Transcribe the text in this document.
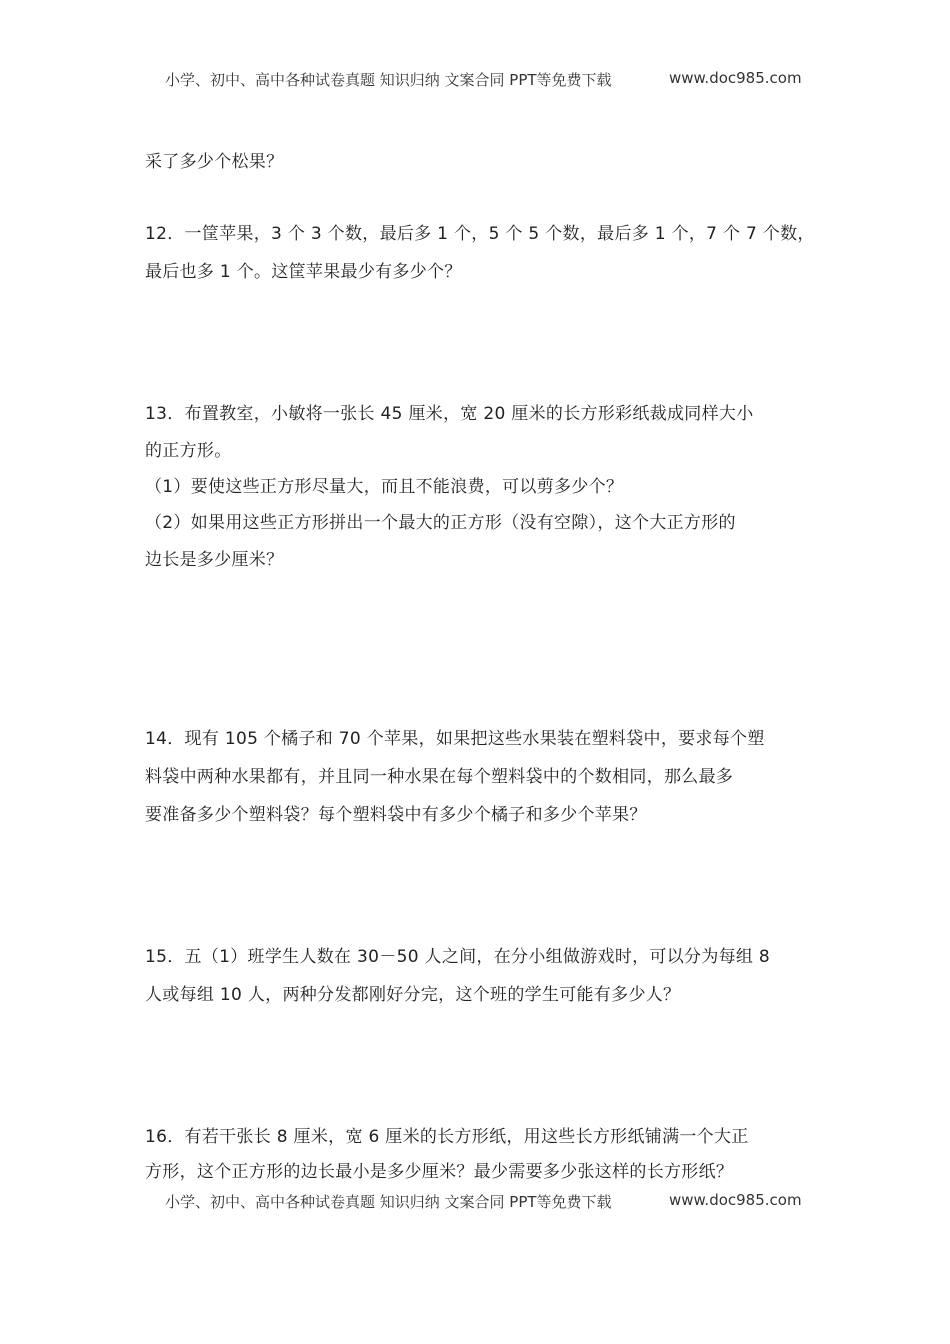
小学、初中、高中各种试卷真题 知识归纳 文案合同 PPT等免费下载	www.doc985.com
采了多少个松果？
12．一筐苹果，3 个 3 个数，最后多 1 个，5 个 5 个数，最后多 1 个，7 个 7 个数，
最后也多 1 个。这筐苹果最少有多少个？
13．布置教室，小敏将一张长 45 厘米，宽 20 厘米的长方形彩纸裁成同样大小
的正方形。
（1）要使这些正方形尽量大，而且不能浪费，可以剪多少个？
（2）如果用这些正方形拼出一个最大的正方形（没有空隙），这个大正方形的
边长是多少厘米？
14．现有 105 个橘子和 70 个苹果，如果把这些水果装在塑料袋中，要求每个塑
料袋中两种水果都有，并且同一种水果在每个塑料袋中的个数相同，那么最多
要准备多少个塑料袋？每个塑料袋中有多少个橘子和多少个苹果？
15．五（1）班学生人数在 30－50 人之间，在分小组做游戏时，可以分为每组 8
人或每组 10 人，两种分发都刚好分完，这个班的学生可能有多少人？
16．有若干张长 8 厘米，宽 6 厘米的长方形纸，用这些长方形纸铺满一个大正
方形，这个正方形的边长最小是多少厘米？最少需要多少张这样的长方形纸？
小学、初中、高中各种试卷真题 知识归纳 文案合同 PPT等免费下载	www.doc985.com
